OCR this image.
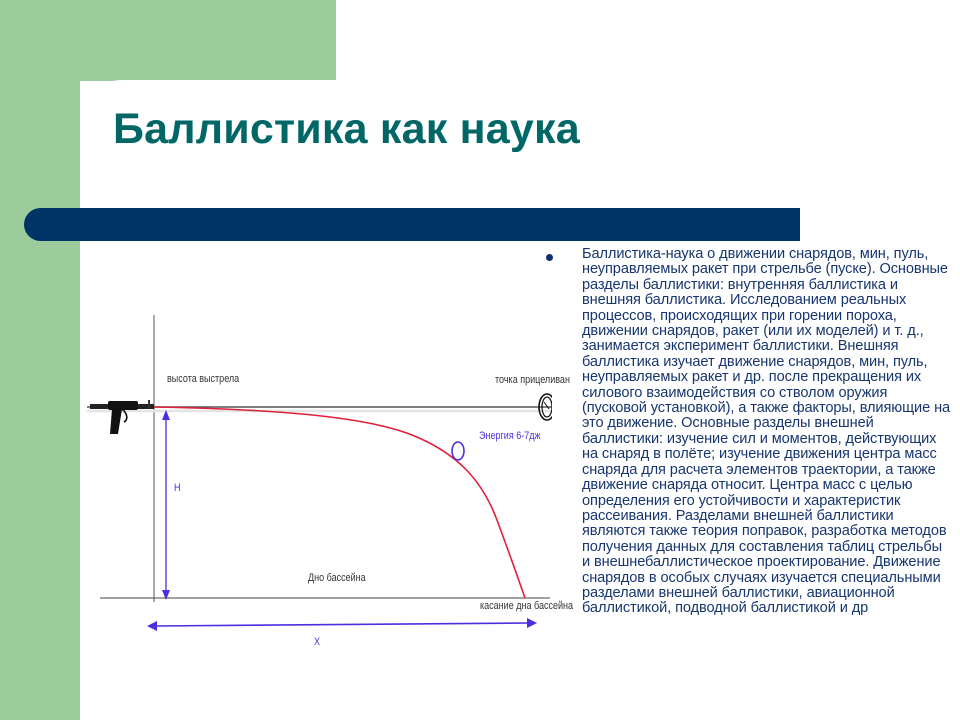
Баллистика как наука

Баллистика-наука о движении снарядов, мин, пуль, неуправляемых ракет при стрельбе (пуске). Основные разделы баллистики: внутренняя баллистика и внешняя баллистика. Исследованием реальных процессов, происходящих при горении пороха, движении снарядов, ракет (или их моделей) и т. д., занимается эксперимент баллистики. Внешняя баллистика изучает движение снарядов, мин, пуль, неуправляемых ракет и др. после прекращения их силового взаимодействия со стволом оружия (пусковой установкой), а также факторы, влияющие на это движение. Основные разделы внешней баллистики: изучение сил и моментов, действующих на снаряд в полёте; изучение движения центра масс снаряда для расчета элементов траектории, а также движение снаряда относит. Центра масс с целью определения его устойчивости и характеристик рассеивания. Разделами внешней баллистики являются также теория поправок, разработка методов получения данных для составления таблиц стрельбы и внешнебаллистическое проектирование. Движение снарядов в особых случаях изучается специальными разделами внешней баллистики, авиационной баллистикой, подводной баллистикой и др

высота выстрела	точка прицеливан
Энергия 6-7дж
H
Дно бассейна
касание дна бассейна
X
